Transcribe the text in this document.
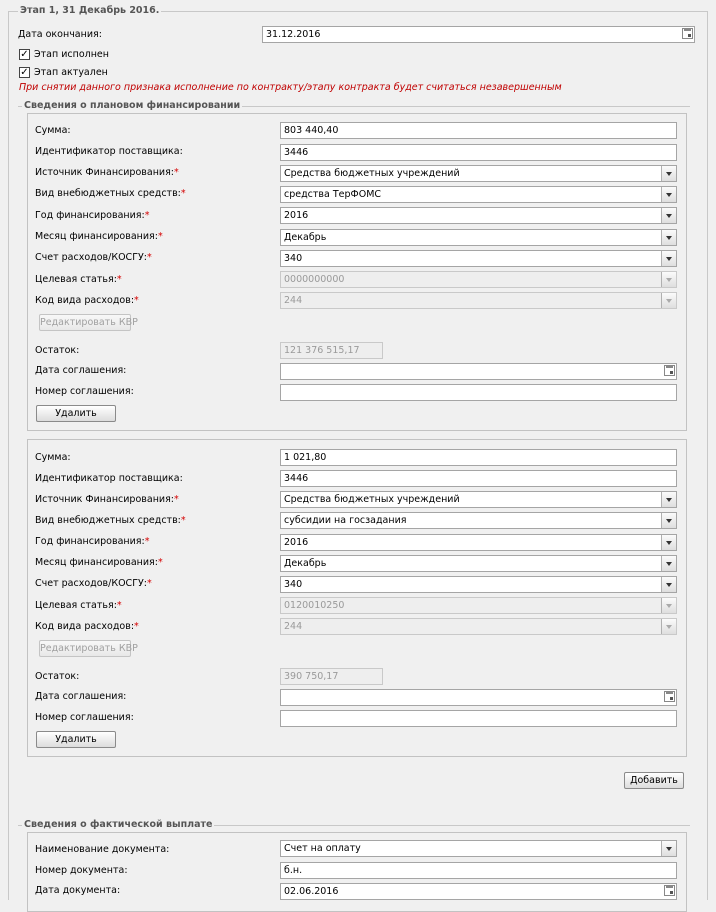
Этап 1, 31 Декабрь 2016.
Дата окончания:	31.12.2016
✓ Этап исполнен
✓ Этап актуален
При снятии данного признака исполнение по контракту/этапу контракта будет считаться незавершенным
Сведения о плановом финансировании
Сумма:	803 440,40
Идентификатор поставщика:	3446
Источник Финансирования:*	Средства бюджетных учреждений
Вид внебюджетных средств:*	средства ТерФОМС
Год финансирования:*	2016
Месяц финансирования:*	Декабрь
Счет расходов/КОСГУ:*	340
Целевая статья:*	0000000000
Код вида расходов:*	244
Редактировать КВР
Остаток:	121 376 515,17
Дата соглашения:
Номер соглашения:
Удалить
Сумма:	1 021,80
Идентификатор поставщика:	3446
Источник Финансирования:*	Средства бюджетных учреждений
Вид внебюджетных средств:*	субсидии на госзадания
Год финансирования:*	2016
Месяц финансирования:*	Декабрь
Счет расходов/КОСГУ:*	340
Целевая статья:*	0120010250
Код вида расходов:*	244
Редактировать КВР
Остаток:	390 750,17
Дата соглашения:
Номер соглашения:
Удалить
Добавить
Сведения о фактической выплате
Наименование документа:	Счет на оплату
Номер документа:	б.н.
Дата документа:	02.06.2016
